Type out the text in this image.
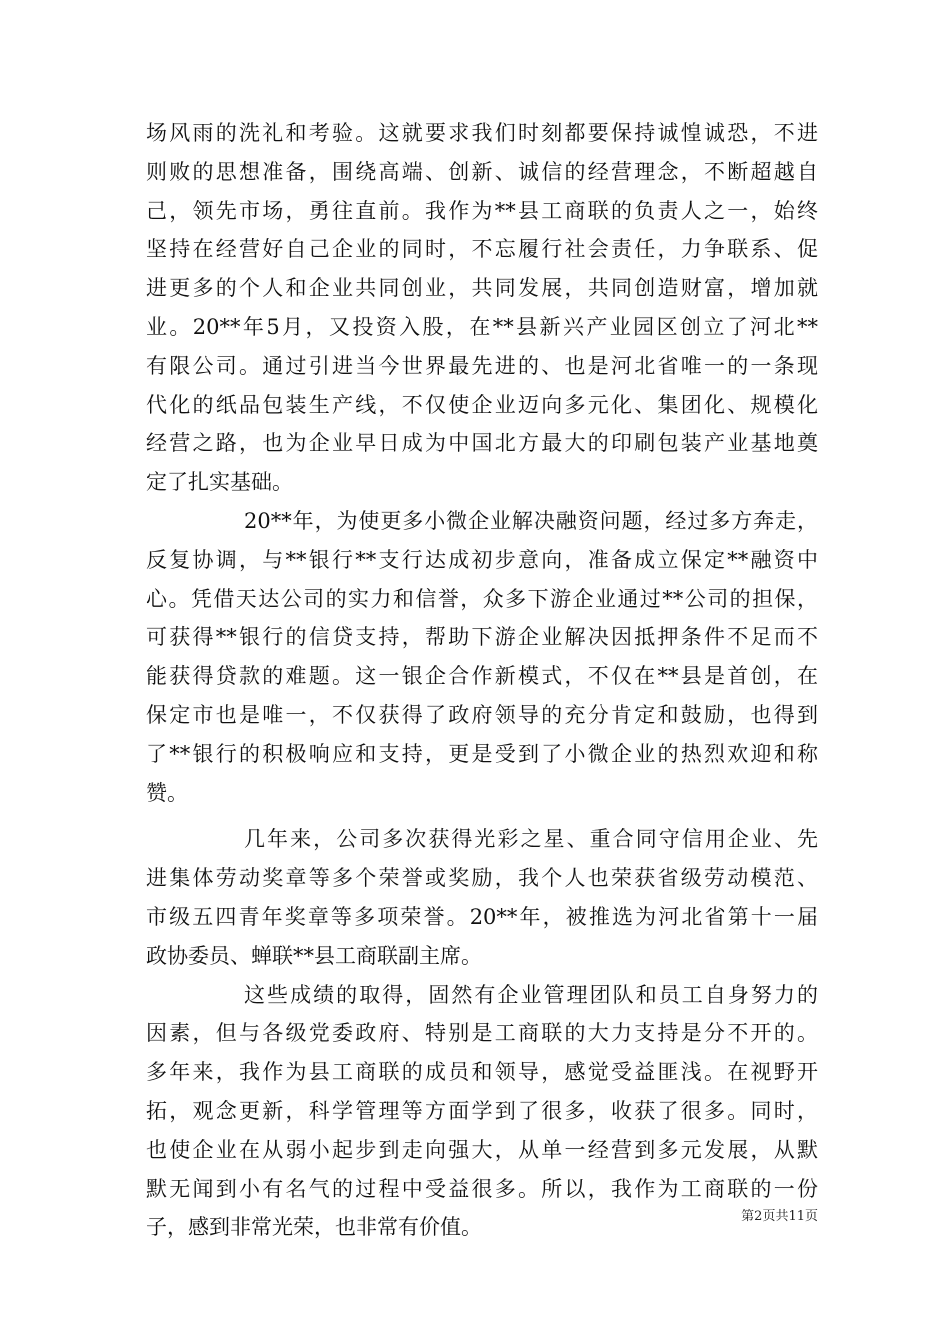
场风雨的洗礼和考验。这就要求我们时刻都要保持诚惶诚恐，不进
则败的思想准备，围绕高端、创新、诚信的经营理念，不断超越自
己，领先市场，勇往直前。我作为**县工商联的负责人之一，始终
坚持在经营好自己企业的同时，不忘履行社会责任，力争联系、促
进更多的个人和企业共同创业，共同发展，共同创造财富，增加就
业。20**年5月，又投资入股，在**县新兴产业园区创立了河北**
有限公司。通过引进当今世界最先进的、也是河北省唯一的一条现
代化的纸品包装生产线，不仅使企业迈向多元化、集团化、规模化
经营之路，也为企业早日成为中国北方最大的印刷包装产业基地奠
定了扎实基础。
20**年，为使更多小微企业解决融资问题，经过多方奔走，
反复协调，与**银行**支行达成初步意向，准备成立保定**融资中
心。凭借天达公司的实力和信誉，众多下游企业通过**公司的担保，
可获得**银行的信贷支持，帮助下游企业解决因抵押条件不足而不
能获得贷款的难题。这一银企合作新模式，不仅在**县是首创，在
保定市也是唯一，不仅获得了政府领导的充分肯定和鼓励，也得到
了**银行的积极响应和支持，更是受到了小微企业的热烈欢迎和称
赞。
几年来，公司多次获得光彩之星、重合同守信用企业、先
进集体劳动奖章等多个荣誉或奖励，我个人也荣获省级劳动模范、
市级五四青年奖章等多项荣誉。20**年，被推选为河北省第十一届
政协委员、蝉联**县工商联副主席。
这些成绩的取得，固然有企业管理团队和员工自身努力的
因素，但与各级党委政府、特别是工商联的大力支持是分不开的。
多年来，我作为县工商联的成员和领导，感觉受益匪浅。在视野开
拓，观念更新，科学管理等方面学到了很多，收获了很多。同时，
也使企业在从弱小起步到走向强大，从单一经营到多元发展，从默
默无闻到小有名气的过程中受益很多。所以，我作为工商联的一份
子，感到非常光荣，也非常有价值。	第2页共11页
